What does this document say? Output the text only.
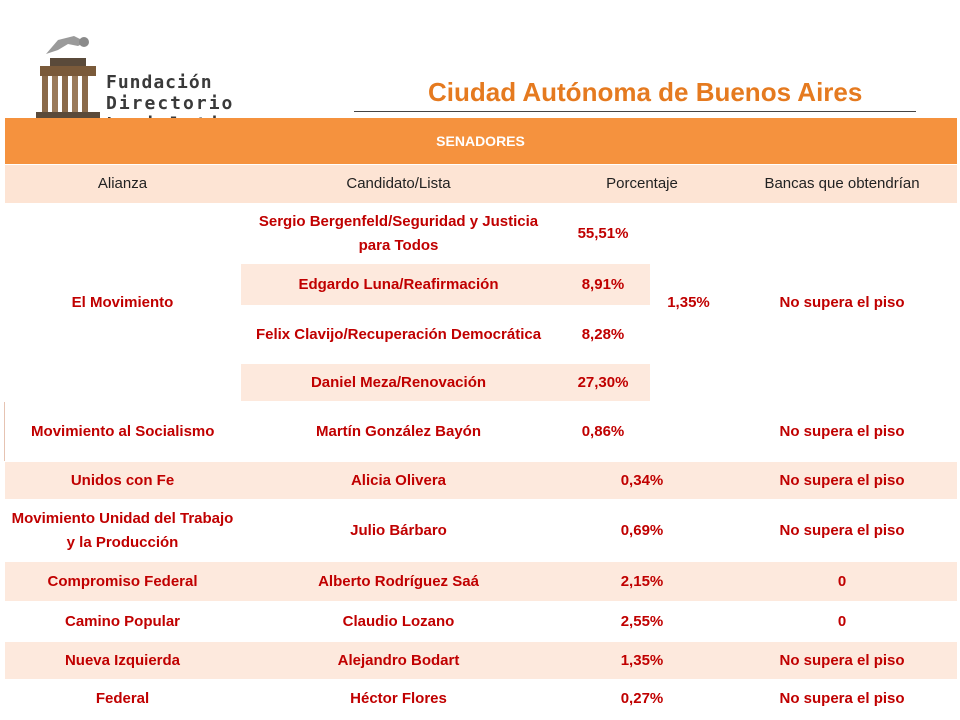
Fundación
Directorio Legislativo
Ciudad Autónoma de Buenos Aires
SENADORES				
Alianza	Candidato/Lista	Porcentaje		Bancas que obtendrían
El Movimiento	Sergio Bergenfeld/Seguridad y Justicia para Todos	55,51%	1,35%	No supera el piso
	Edgardo Luna/Reafirmación	8,91%		
	Felix Clavijo/Recuperación Democrática	8,28%		
	Daniel Meza/Renovación	27,30%		
Movimiento al Socialismo	Martín González Bayón	0,86%		No supera el piso
Unidos con Fe	Alicia Olivera	0,34%		No supera el piso
Movimiento Unidad del Trabajo y la Producción	Julio Bárbaro	0,69%		No supera el piso
Compromiso Federal	Alberto Rodríguez Saá	2,15%		0
Camino Popular	Claudio Lozano	2,55%		0
Nueva Izquierda	Alejandro Bodart	1,35%		No supera el piso
Federal	Héctor Flores	0,27%		No supera el piso
